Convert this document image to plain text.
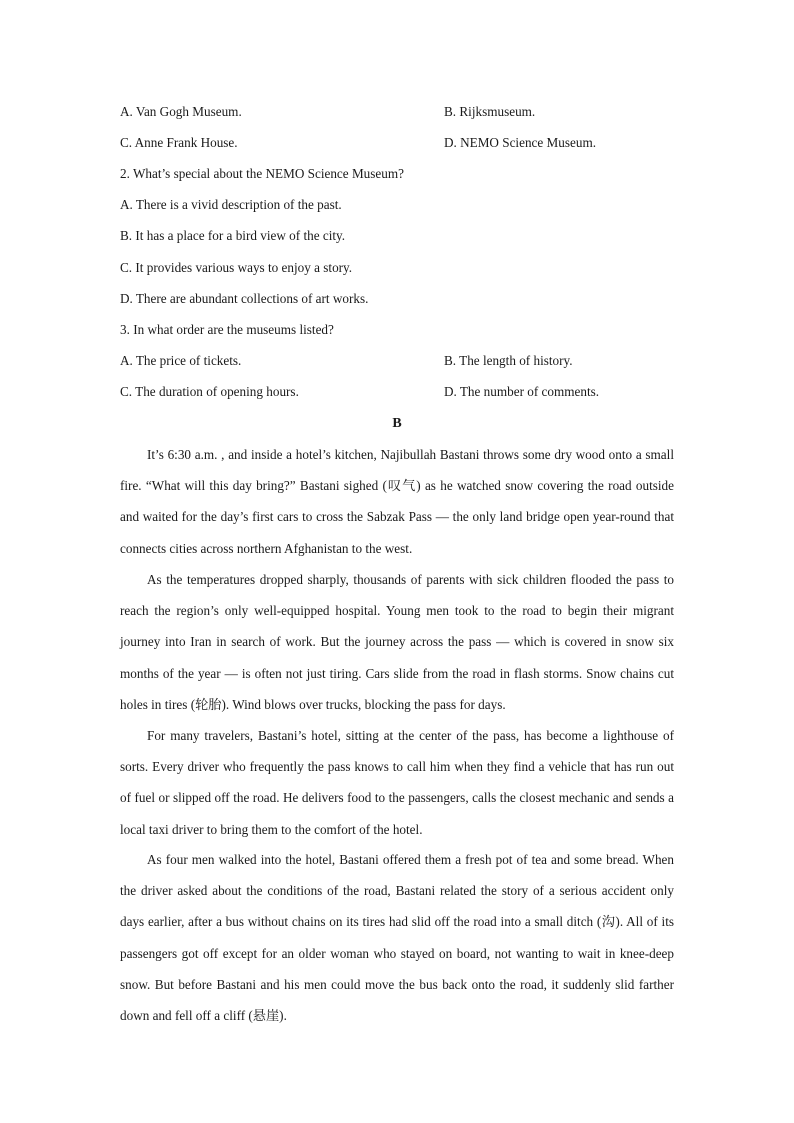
A. Van Gogh Museum.	B. Rijksmuseum.
C. Anne Frank House.	D. NEMO Science Museum.
2. What’s special about the NEMO Science Museum?
A. There is a vivid description of the past.
B. It has a place for a bird view of the city.
C. It provides various ways to enjoy a story.
D. There are abundant collections of art works.
3. In what order are the museums listed?
A. The price of tickets.	B. The length of history.
C. The duration of opening hours.	D. The number of comments.
B

It’s 6:30 a.m. , and inside a hotel’s kitchen, Najibullah Bastani throws some dry wood onto a small fire. “What will this day bring?” Bastani sighed (叹气) as he watched snow covering the road outside and waited for the day’s first cars to cross the Sabzak Pass — the only land bridge open year-round that connects cities across northern Afghanistan to the west.

As the temperatures dropped sharply, thousands of parents with sick children flooded the pass to reach the region’s only well-equipped hospital. Young men took to the road to begin their migrant journey into Iran in search of work. But the journey across the pass — which is covered in snow six months of the year — is often not just tiring. Cars slide from the road in flash storms. Snow chains cut holes in tires (轮胎). Wind blows over trucks, blocking the pass for days.

For many travelers, Bastani’s hotel, sitting at the center of the pass, has become a lighthouse of sorts. Every driver who frequently the pass knows to call him when they find a vehicle that has run out of fuel or slipped off the road. He delivers food to the passengers, calls the closest mechanic and sends a local taxi driver to bring them to the comfort of the hotel.

As four men walked into the hotel, Bastani offered them a fresh pot of tea and some bread. When the driver asked about the conditions of the road, Bastani related the story of a serious accident only days earlier, after a bus without chains on its tires had slid off the road into a small ditch (沟). All of its passengers got off except for an older woman who stayed on board, not wanting to wait in knee-deep snow. But before Bastani and his men could move the bus back onto the road, it suddenly slid farther down and fell off a cliff (悬崖).
